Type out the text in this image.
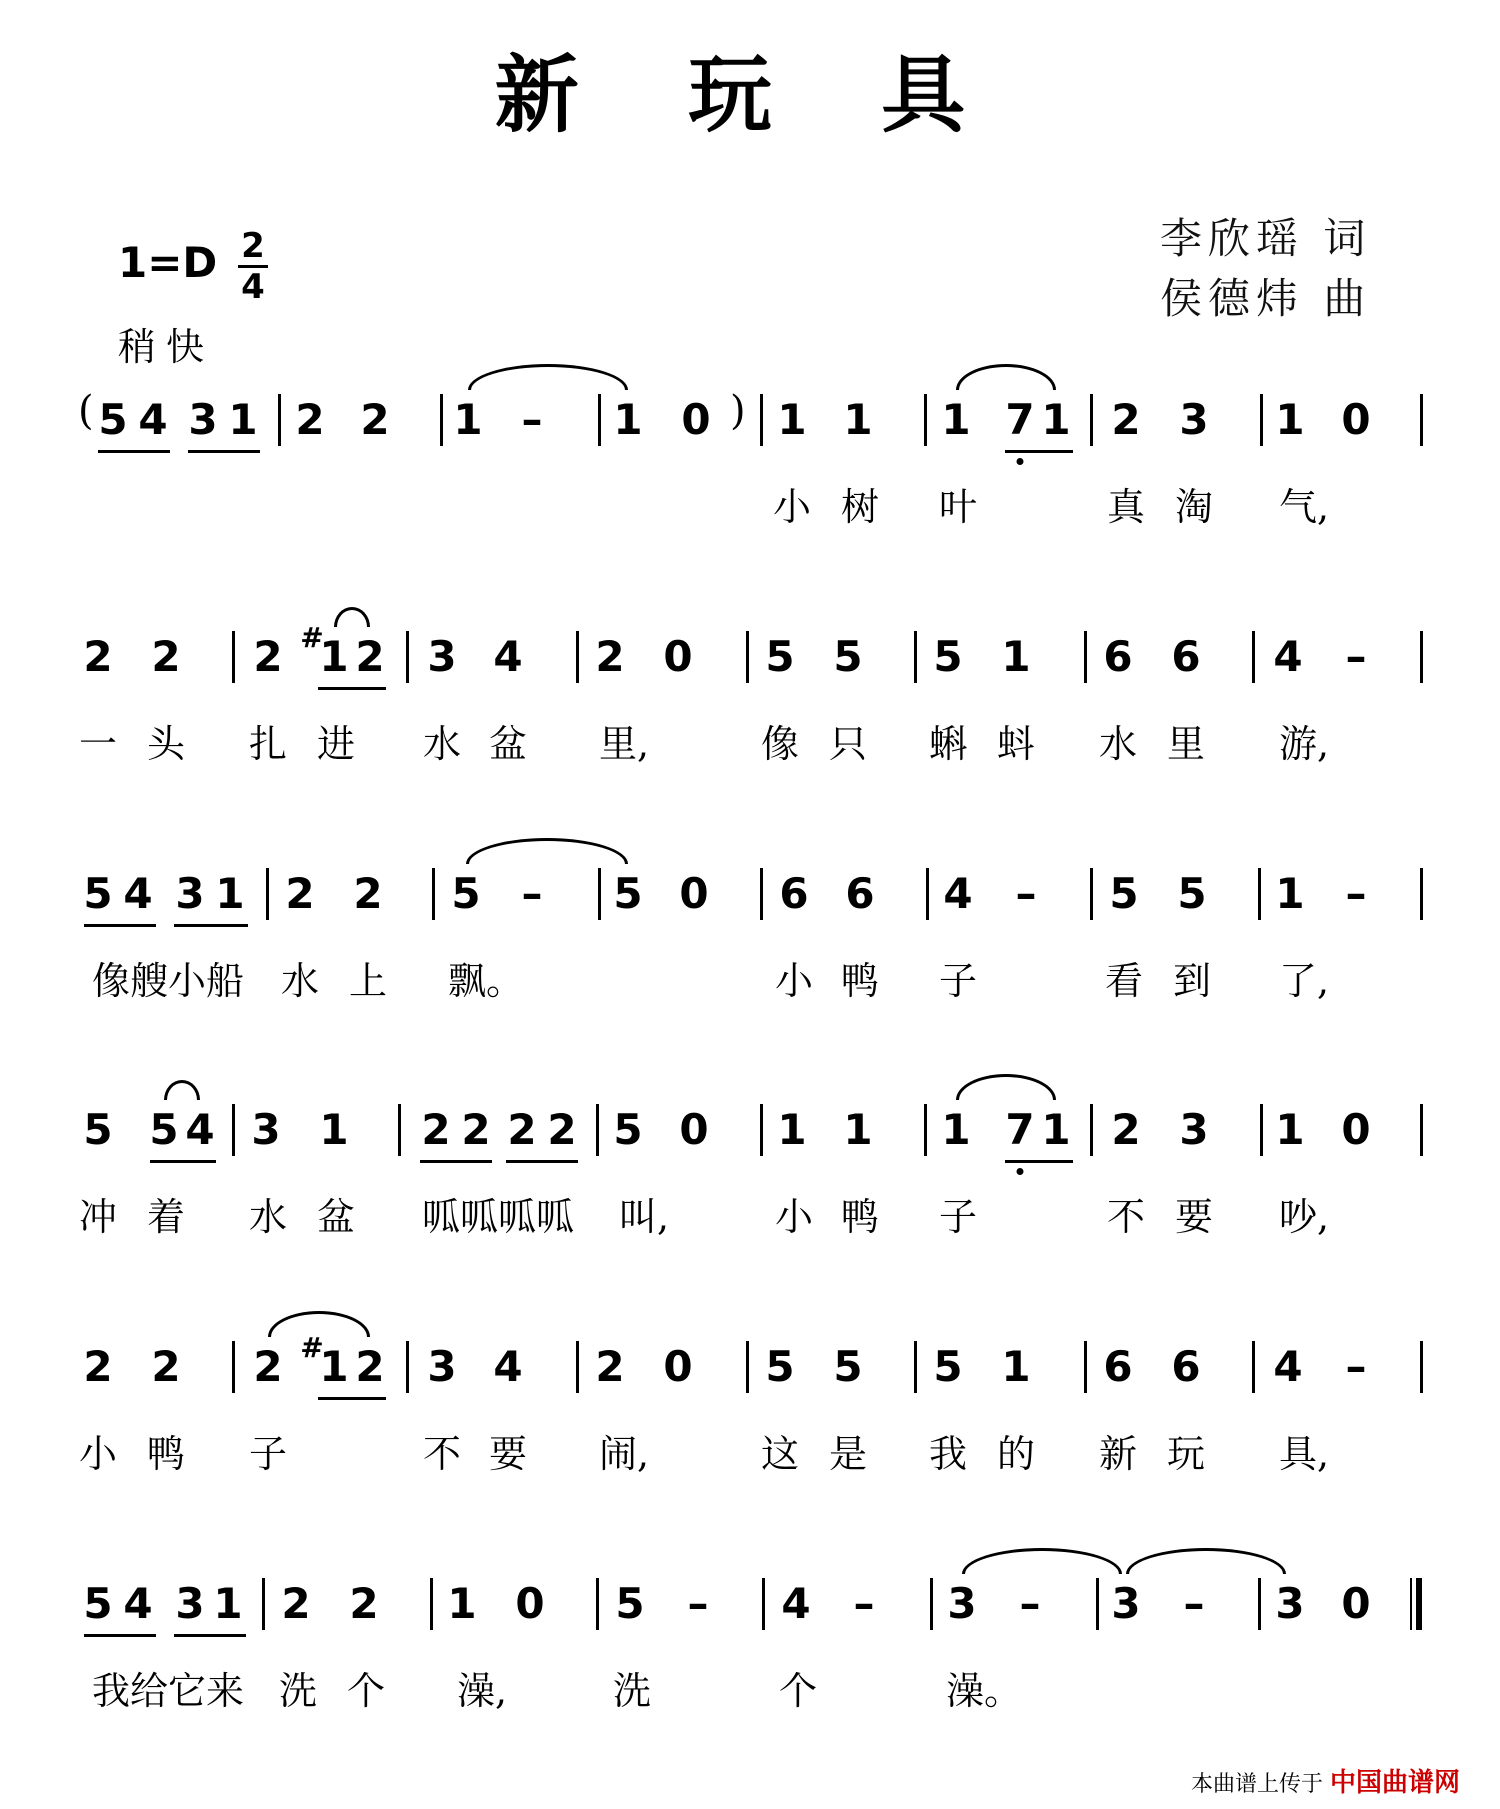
新 玩 具
1=D 2
4
稍快
李欣瑶 词
侯德炜 曲
( 5 4 3 1 2 2 1 – 1 0 ) 1 1 1 7 1 2 3 1 0
小 树 叶	真 淘 气,
2 2 2 #
1 2 3 4 2 0 5 5 5 1 6 6 4 –
一 头 扎 进 水 盆 里,	像 只 蝌 蚪 水 里 游,
5 4 3 1 2 2 5 – 5 0 6 6 4 – 5 5 1 –
像艘小船 水 上 飘。	小 鸭 子	看 到 了,
5 5 4 3 1 2 2 2 2 5 0 1 1 1 7 1 2 3 1 0
冲 着 水 盆 呱呱呱呱 叫,	小 鸭 子	不 要 吵,
2 2 2 #
1 2 3 4 2 0 5 5 5 1 6 6 4 –
小 鸭 子	不 要 闹,	这 是 我 的 新 玩 具,
5 4 3 1 2 2 1 0 5 – 4 – 3 – 3 – 3 0
我给它来 洗 个 澡,	洗	个	澡。
本曲谱上传于 中国曲谱网
